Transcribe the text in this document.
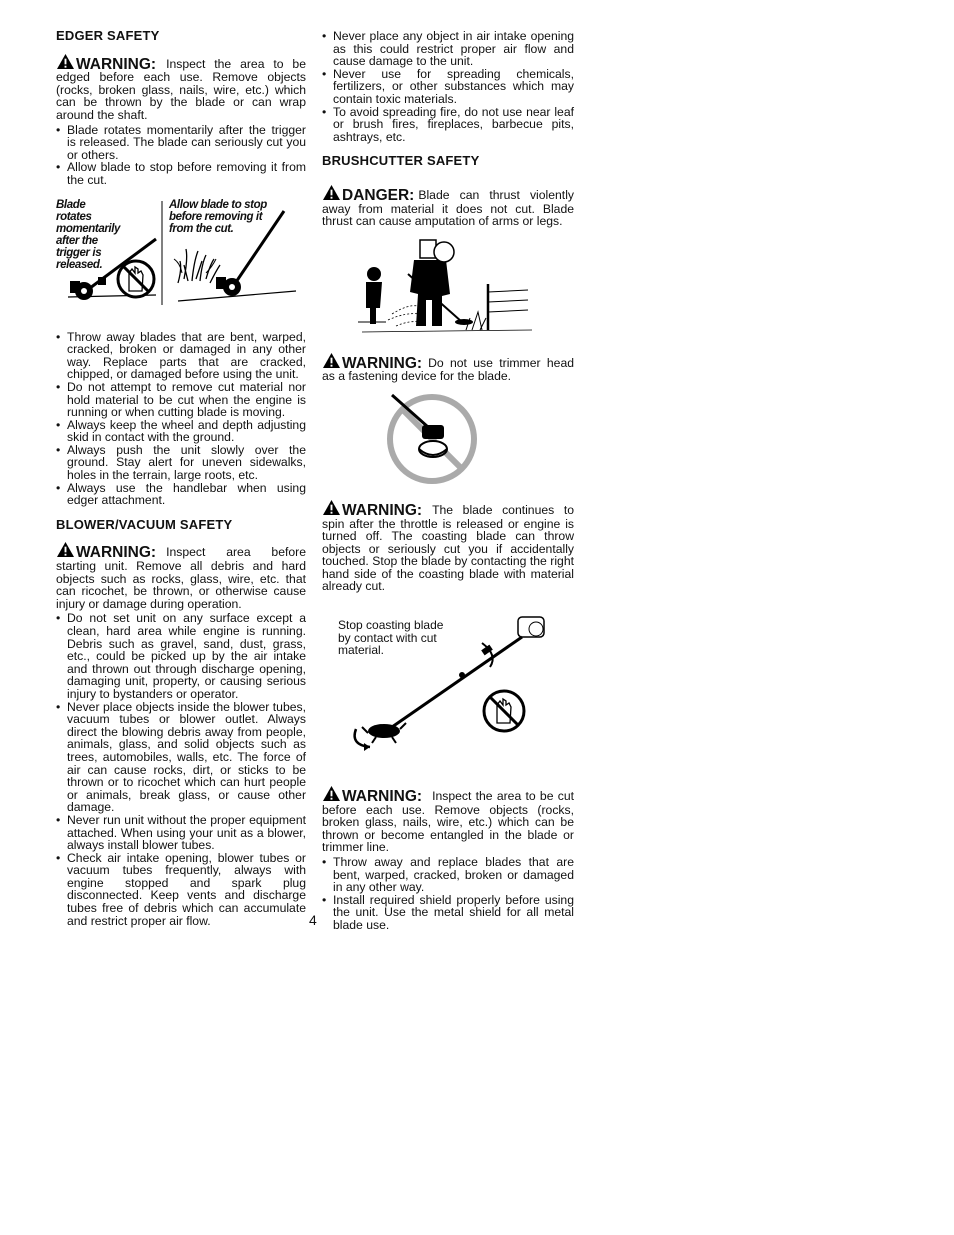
EDGER SAFETY
WARNING: Inspect the area to be edged before each use. Remove objects (rocks, broken glass, nails, wire, etc.) which can be thrown by the blade or can wrap around the shaft.
• Blade rotates momentarily after the trigger is released. The blade can seriously cut you or others.
• Allow blade to stop before removing it from the cut.
Blade rotates momentarily after the trigger is released.
Allow blade to stop before removing it from the cut.
• Throw away blades that are bent, warped, cracked, broken or damaged in any other way. Replace parts that are cracked, chipped, or damaged before using the unit.
• Do not attempt to remove cut material nor hold material to be cut when the engine is running or when cutting blade is moving.
• Always keep the wheel and depth adjusting skid in contact with the ground.
• Always push the unit slowly over the ground. Stay alert for uneven sidewalks, holes in the terrain, large roots, etc.
• Always use the handlebar when using edger attachment.
BLOWER/VACUUM SAFETY
WARNING: Inspect area before starting unit. Remove all debris and hard objects such as rocks, glass, wire, etc. that can ricochet, be thrown, or otherwise cause injury or damage during operation.
• Do not set unit on any surface except a clean, hard area while engine is running. Debris such as gravel, sand, dust, grass, etc., could be picked up by the air intake and thrown out through discharge opening, damaging unit, property, or causing serious injury to bystanders or operator.
• Never place objects inside the blower tubes, vacuum tubes or blower outlet. Always direct the blowing debris away from people, animals, glass, and solid objects such as trees, automobiles, walls, etc. The force of air can cause rocks, dirt, or sticks to be thrown or to ricochet which can hurt people or animals, break glass, or cause other damage.
• Never run unit without the proper equipment attached. When using your unit as a blower, always install blower tubes.
• Check air intake opening, blower tubes or vacuum tubes frequently, always with engine stopped and spark plug disconnected. Keep vents and discharge tubes free of debris which can accumulate and restrict proper air flow.
• Never place any object in air intake opening as this could restrict proper air flow and cause damage to the unit.
• Never use for spreading chemicals, fertilizers, or other substances which may contain toxic materials.
• To avoid spreading fire, do not use near leaf or brush fires, fireplaces, barbecue pits, ashtrays, etc.
BRUSHCUTTER SAFETY
DANGER: Blade can thrust violently away from material it does not cut. Blade thrust can cause amputation of arms or legs.
WARNING: Do not use trimmer head as a fastening device for the blade.
WARNING: The blade continues to spin after the throttle is released or engine is turned off. The coasting blade can throw objects or seriously cut you if accidentally touched. Stop the blade by contacting the right hand side of the coasting blade with material already cut.
Stop coasting blade by contact with cut material.
WARNING: Inspect the area to be cut before each use. Remove objects (rocks, broken glass, nails, wire, etc.) which can be thrown or become entangled in the blade or trimmer line.
• Throw away and replace blades that are bent, warped, cracked, broken or damaged in any other way.
• Install required shield properly before using the unit. Use the metal shield for all metal blade use.
4
